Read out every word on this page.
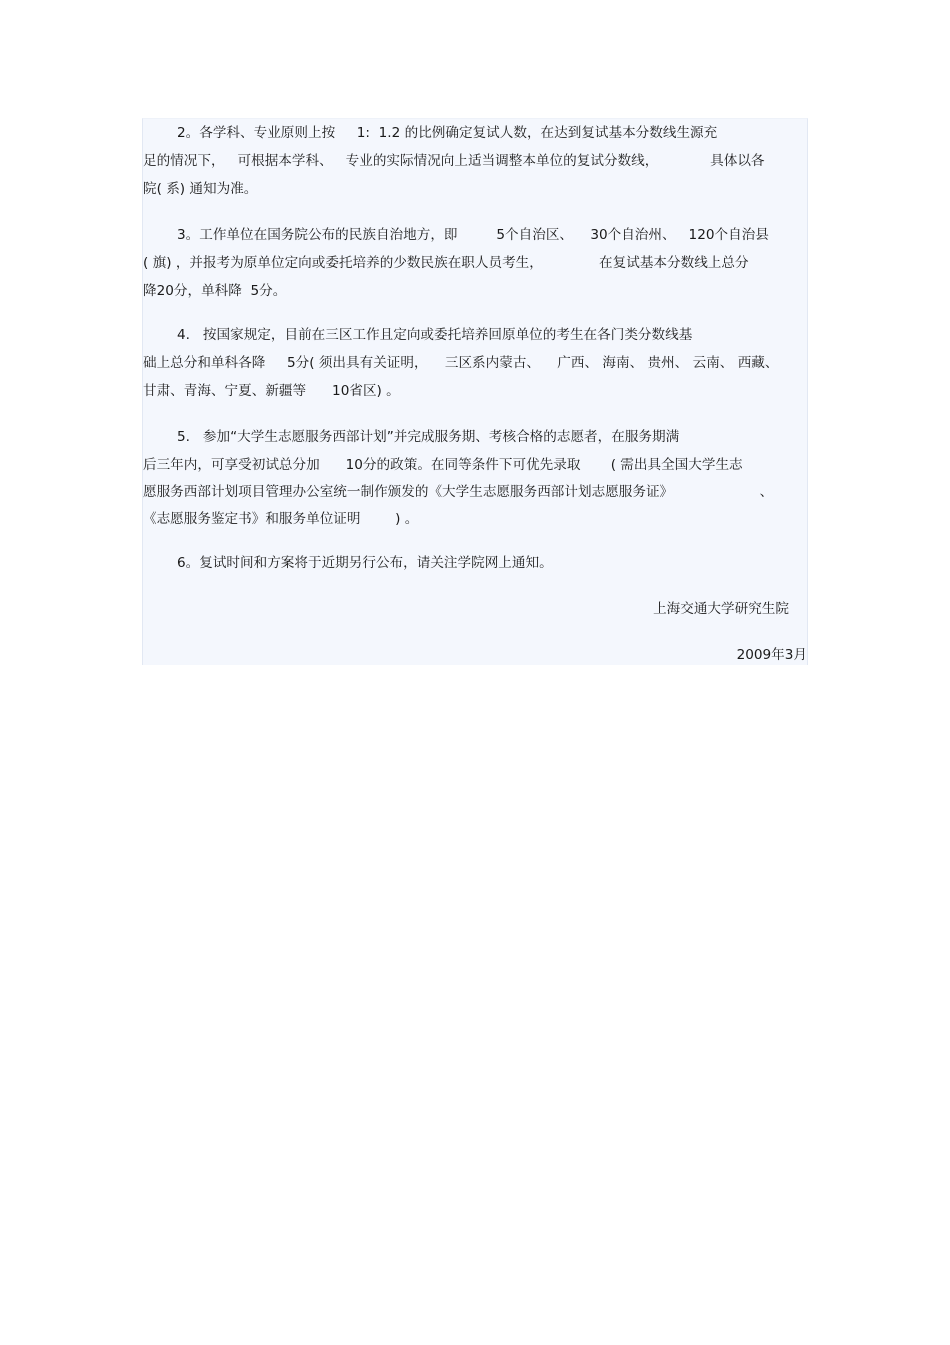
2。各学科、专业原则上按     1:  1.2 的比例确定复试人数，在达到复试基本分数线生源充
足的情况下，   可根据本学科、   专业的实际情况向上适当调整本单位的复试分数线，            具体以各
院( 系) 通知为准。
3。工作单位在国务院公布的民族自治地方，即         5个自治区、    30个自治州、   120个自治县
( 旗) ，并报考为原单位定向或委托培养的少数民族在职人员考生，             在复试基本分数线上总分
降20分，单科降  5分。
4.   按国家规定，目前在三区工作且定向或委托培养回原单位的考生在各门类分数线基
础上总分和单科各降     5分( 须出具有关证明，    三区系内蒙古、    广西、 海南、 贵州、 云南、 西藏、
甘肃、青海、宁夏、新疆等      10省区) 。
5.   参加“大学生志愿服务西部计划”并完成服务期、考核合格的志愿者，在服务期满
后三年内，可享受初试总分加      10分的政策。在同等条件下可优先录取       ( 需出具全国大学生志
愿服务西部计划项目管理办公室统一制作颁发的《大学生志愿服务西部计划志愿服务证》                    、
《志愿服务鉴定书》和服务单位证明        ) 。
6。复试时间和方案将于近期另行公布，请关注学院网上通知。
上海交通大学研究生院
2009年3月
